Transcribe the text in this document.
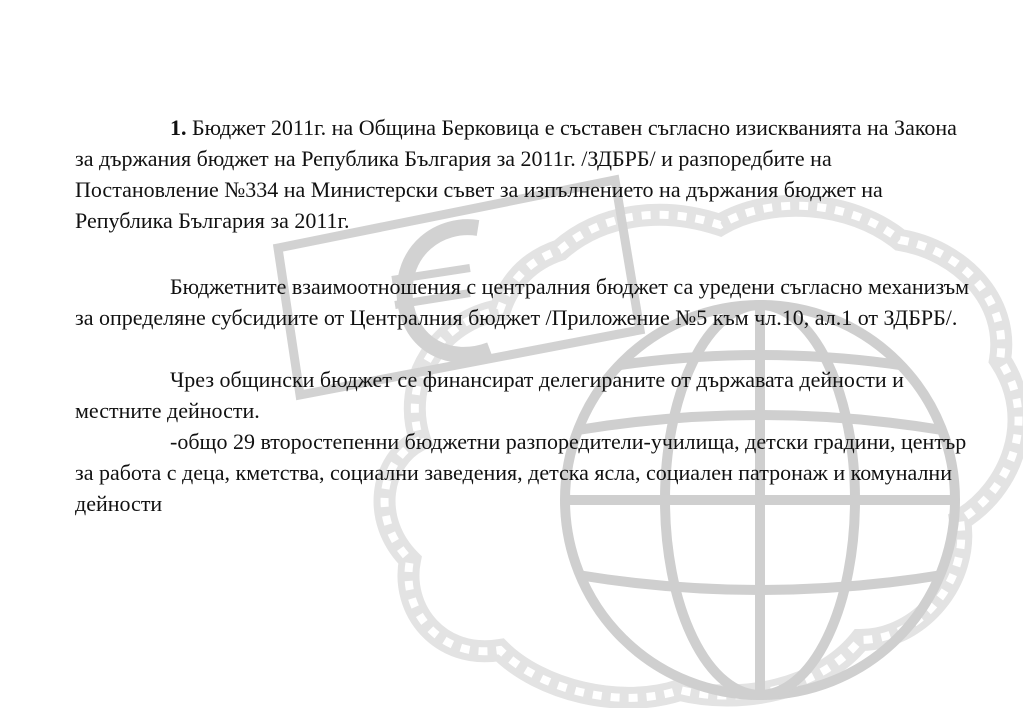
1. Бюджет 2011г. на Община Берковица е съставен съгласно изискванията на Закона за държания бюджет на Република България за 2011г. /ЗДБРБ/ и разпоредбите на Постановление №334 на Министерски съвет за изпълнението на държания бюджет на Република България за 2011г.

Бюджетните взаимоотношения с централния бюджет са уредени съгласно механизъм за определяне субсидиите от Централния бюджет /Приложение №5 към чл.10, ал.1 от ЗДБРБ/.

Чрез общински бюджет се финансират делегираните от държавата дейности и местните дейности.

-общо 29 второстепенни бюджетни разпоредители-училища, детски градини, център за работа с деца, кметства, социални заведения, детска ясла, социален патронаж и комунални дейности
